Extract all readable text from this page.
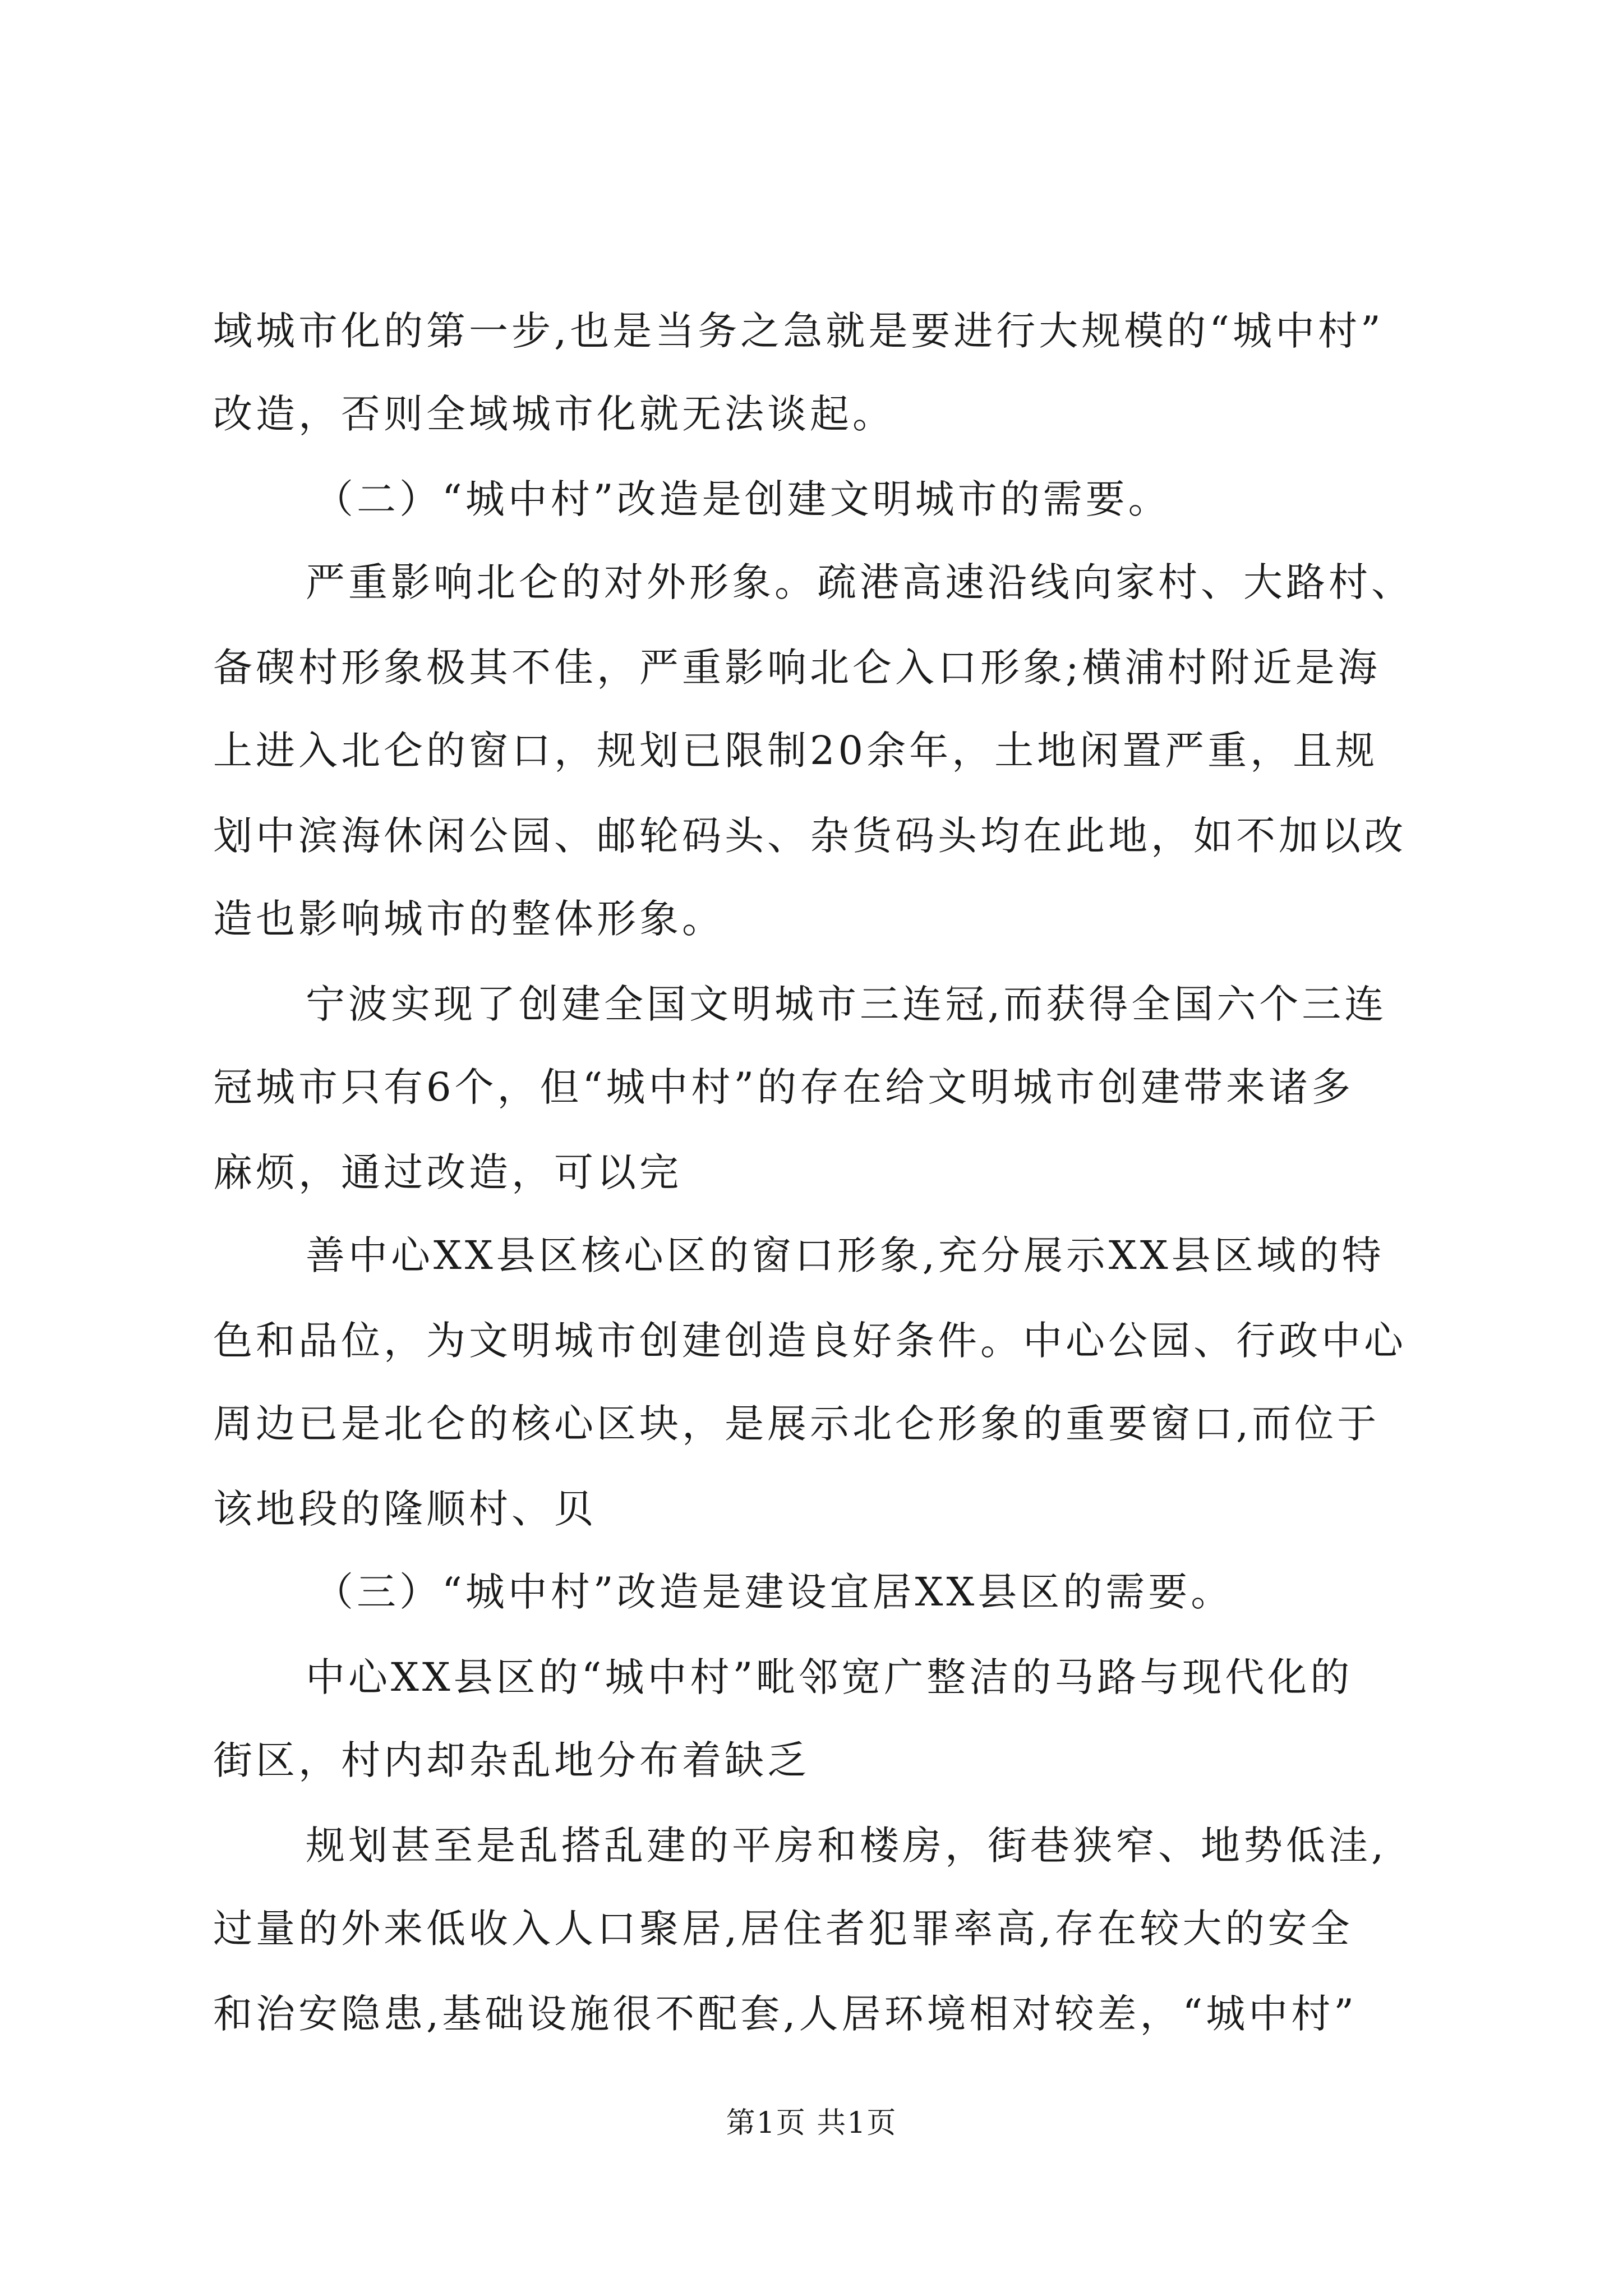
域城市化的第一步,也是当务之急就是要进行大规模的“城中村”
改造，否则全域城市化就无法谈起。
（二）“城中村”改造是创建文明城市的需要。
严重影响北仑的对外形象。疏港高速沿线向家村、大路村、
备碶村形象极其不佳，严重影响北仑入口形象;横浦村附近是海
上进入北仑的窗口，规划已限制20余年，土地闲置严重，且规
划中滨海休闲公园、邮轮码头、杂货码头均在此地，如不加以改
造也影响城市的整体形象。
宁波实现了创建全国文明城市三连冠,而获得全国六个三连
冠城市只有6个，但“城中村”的存在给文明城市创建带来诸多
麻烦，通过改造，可以完
善中心XX县区核心区的窗口形象,充分展示XX县区域的特
色和品位，为文明城市创建创造良好条件。中心公园、行政中心
周边已是北仑的核心区块，是展示北仑形象的重要窗口,而位于
该地段的隆顺村、贝
（三）“城中村”改造是建设宜居XX县区的需要。
中心XX县区的“城中村”毗邻宽广整洁的马路与现代化的
街区，村内却杂乱地分布着缺乏
规划甚至是乱搭乱建的平房和楼房，街巷狭窄、地势低洼,
过量的外来低收入人口聚居,居住者犯罪率高,存在较大的安全
和治安隐患,基础设施很不配套,人居环境相对较差，“城中村”
第1页 共1页
